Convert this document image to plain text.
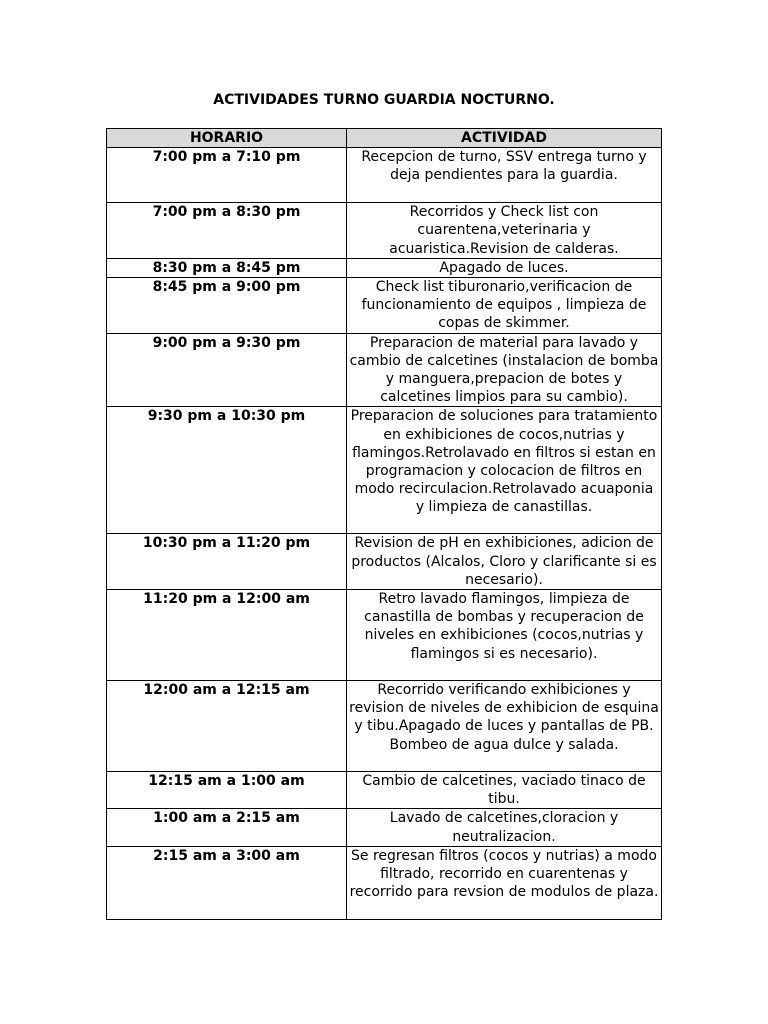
ACTIVIDADES TURNO GUARDIA NOCTURNO.
HORARIO	ACTIVIDAD
7:00 pm a 7:10 pm	Recepcion de turno, SSV entrega turno y deja pendientes para la guardia.
7:00 pm a 8:30 pm	Recorridos y Check list con cuarentena,veterinaria y acuaristica.Revision de calderas.
8:30 pm a 8:45 pm	Apagado de luces.
8:45 pm a 9:00 pm	Check list tiburonario,verificacion de funcionamiento de equipos , limpieza de copas de skimmer.
9:00 pm a 9:30 pm	Preparacion de material para lavado y cambio de calcetines (instalacion de bomba y manguera,prepacion de botes y calcetines limpios para su cambio).
9:30 pm a 10:30 pm	Preparacion de soluciones para tratamiento en exhibiciones de cocos,nutrias y flamingos.Retrolavado en filtros si estan en programacion y colocacion de filtros en modo recirculacion.Retrolavado acuaponia y limpieza de canastillas.
10:30 pm a 11:20 pm	Revision de pH en exhibiciones, adicion de productos (Alcalos, Cloro y clarificante si es necesario).
11:20 pm a 12:00 am	Retro lavado flamingos, limpieza de canastilla de bombas y recuperacion de niveles en exhibiciones (cocos,nutrias y flamingos si es necesario).
12:00 am a 12:15 am	Recorrido verificando exhibiciones y revision de niveles de exhibicion de esquina y tibu.Apagado de luces y pantallas de PB. Bombeo de agua dulce y salada.
12:15 am a 1:00 am	Cambio de calcetines, vaciado tinaco de tibu.
1:00 am a 2:15 am	Lavado de calcetines,cloracion y neutralizacion.
2:15 am a 3:00 am	Se regresan filtros (cocos y nutrias) a modo filtrado, recorrido en cuarentenas y recorrido para revsion de modulos de plaza.
